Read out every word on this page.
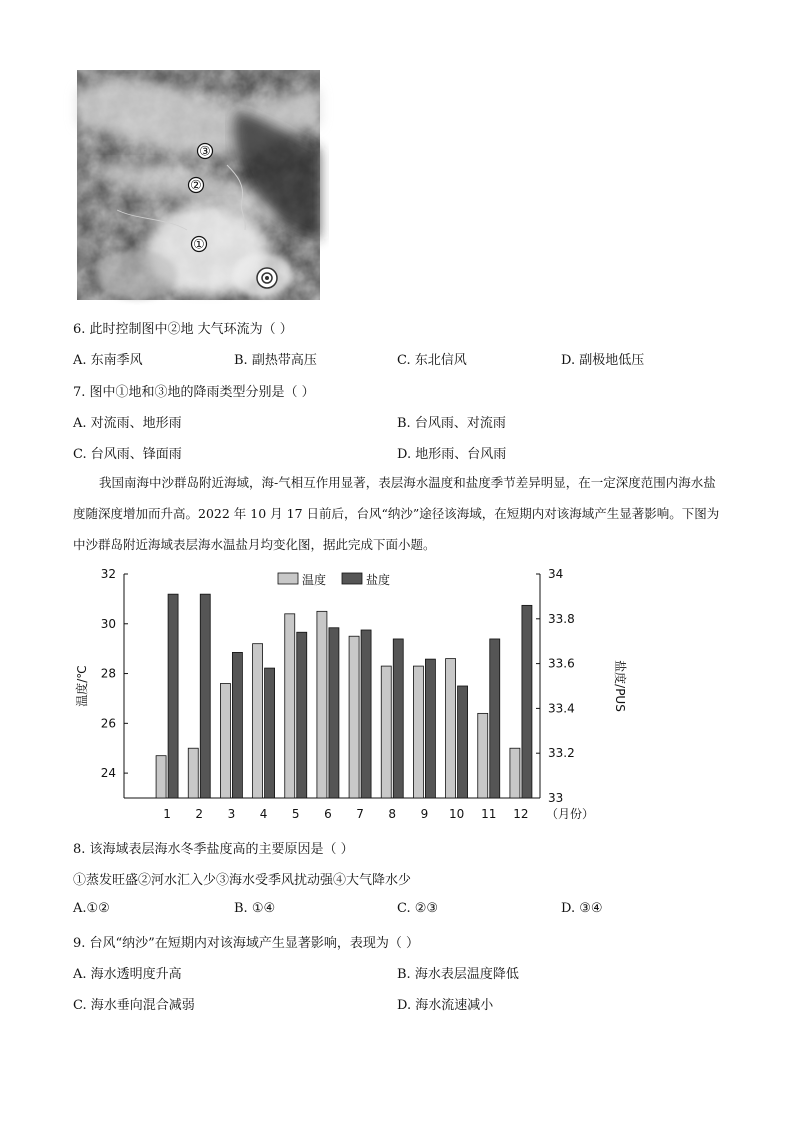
③
②
①
6. 此时控制图中②地 大气环流为（ ）
A. 东南季风	B. 副热带高压	C. 东北信风	D. 副极地低压
7. 图中①地和③地的降雨类型分别是（ ）
A. 对流雨、地形雨	B. 台风雨、对流雨
C. 台风雨、锋面雨	D. 地形雨、台风雨
我国南海中沙群岛附近海域，海-气相互作用显著，表层海水温度和盐度季节差异明显，在一定深度范围内海水盐度随深度增加而升高。2022 年 10 月 17 日前后，台风“纳沙”途径该海域，在短期内对该海域产生显著影响。下图为中沙群岛附近海域表层海水温盐月均变化图，据此完成下面小题。
24
26
28
30
32
33
33.2
33.4
33.6
33.8
34
温度/℃	盐度/PUS
1 2 3 4 5 6 7 8 9 10 11 12 （月份）
温度	盐度
8. 该海域表层海水冬季盐度高的主要原因是（ ）
①蒸发旺盛②河水汇入少③海水受季风扰动强④大气降水少
A.①②	B. ①④	C. ②③	D. ③④
9. 台风“纳沙”在短期内对该海域产生显著影响，表现为（ ）
A. 海水透明度升高	B. 海水表层温度降低
C. 海水垂向混合减弱	D. 海水流速减小
